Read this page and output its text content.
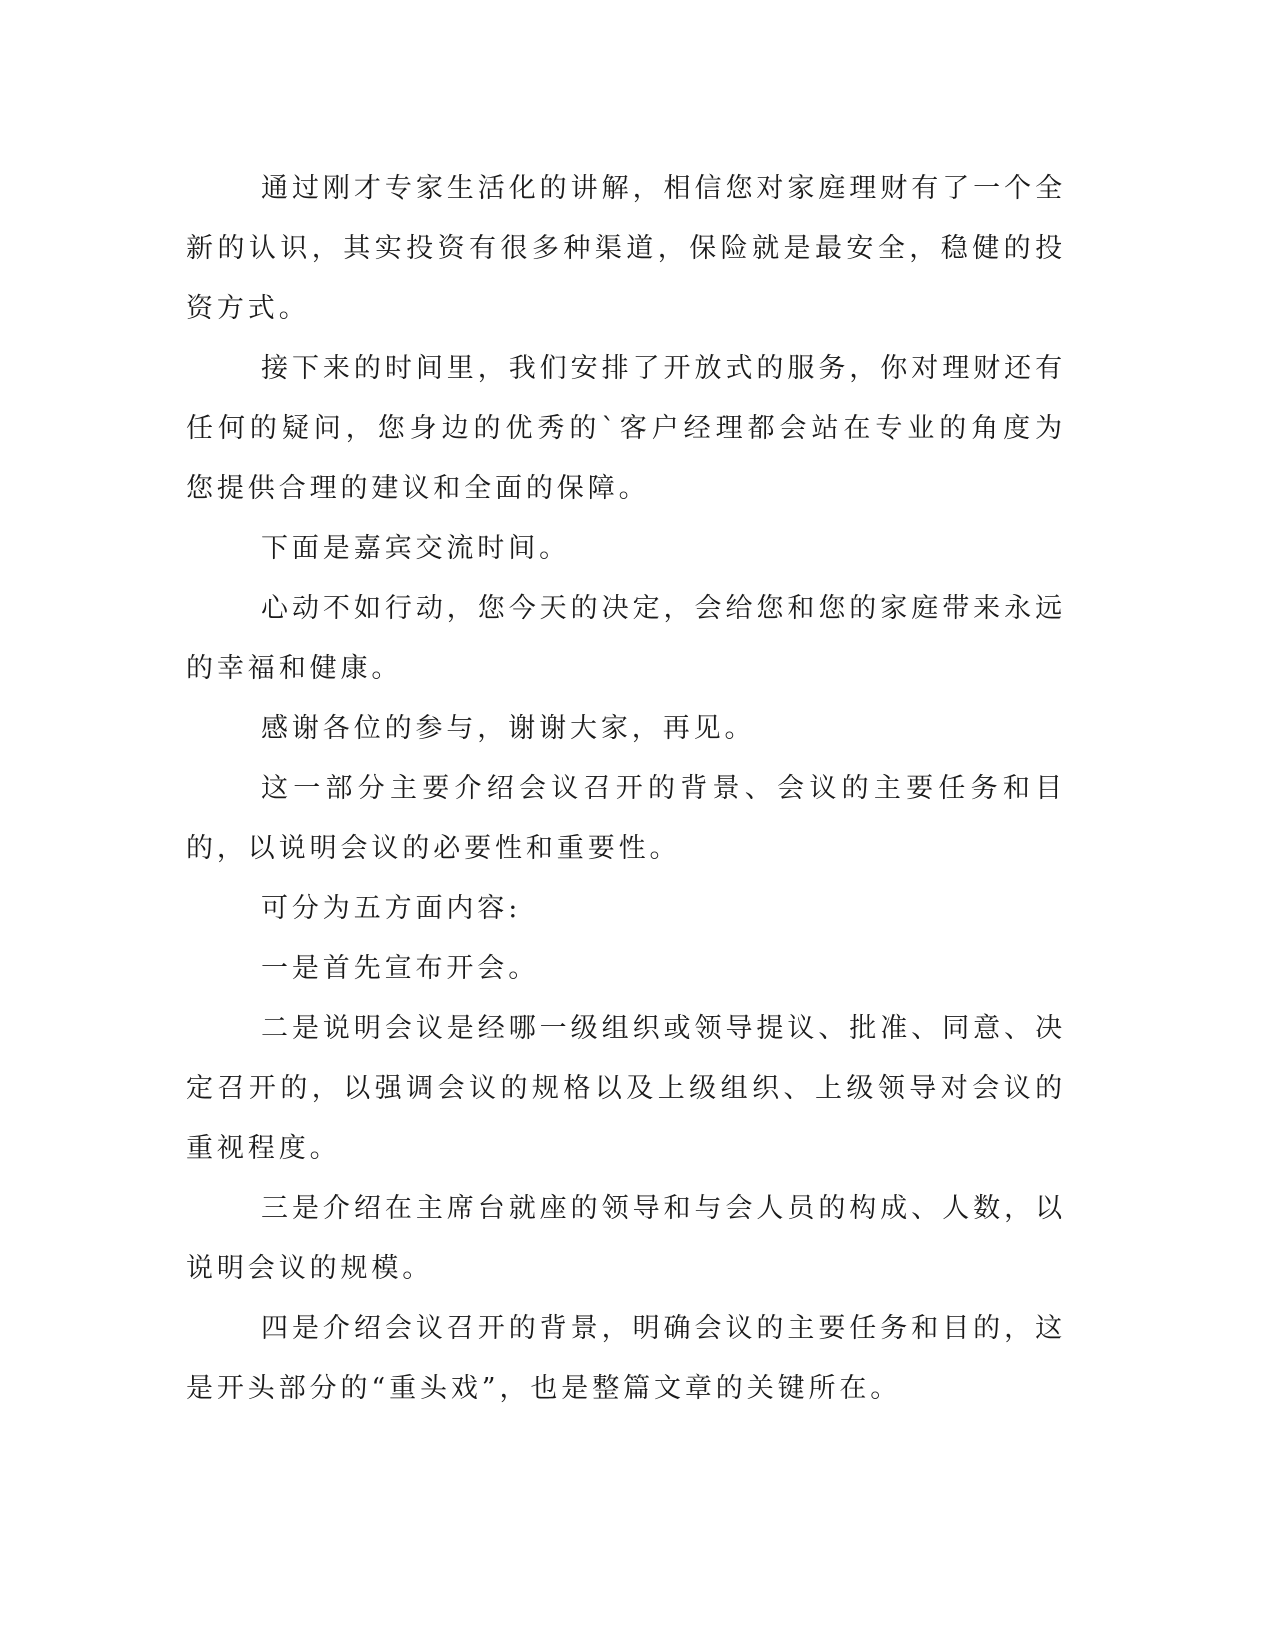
通过刚才专家生活化的讲解，相信您对家庭理财有了一个全新的认识，其实投资有很多种渠道，保险就是最安全，稳健的投资方式。

接下来的时间里，我们安排了开放式的服务，你对理财还有任何的疑问，您身边的优秀的`客户经理都会站在专业的角度为您提供合理的建议和全面的保障。

下面是嘉宾交流时间。

心动不如行动，您今天的决定，会给您和您的家庭带来永远的幸福和健康。

感谢各位的参与，谢谢大家，再见。

这一部分主要介绍会议召开的背景、会议的主要任务和目的，以说明会议的必要性和重要性。

可分为五方面内容:

一是首先宣布开会。

二是说明会议是经哪一级组织或领导提议、批准、同意、决定召开的，以强调会议的规格以及上级组织、上级领导对会议的重视程度。

三是介绍在主席台就座的领导和与会人员的构成、人数，以说明会议的规模。

四是介绍会议召开的背景，明确会议的主要任务和目的，这是开头部分的“重头戏”，也是整篇文章的关键所在。
